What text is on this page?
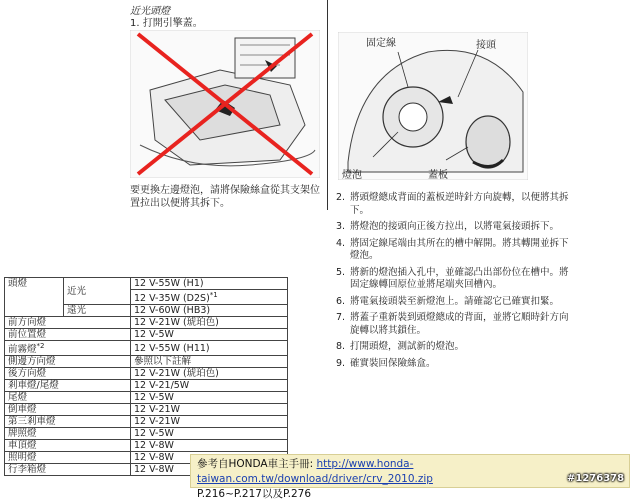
近光頭燈
1. 打開引擎蓋。
要更換左邊燈泡，請將保險絲盒從其支架位置拉出以便將其拆下。
固定線	接頭
燈泡	蓋板
2. 將頭燈總成背面的蓋板逆時針方向旋轉，以便將其拆下。
3. 將燈泡的接頭向正後方拉出，以將電氣接頭拆下。
4. 將固定線尾端由其所在的槽中解開。將其轉開並拆下燈泡。
5. 將新的燈泡插入孔中，並確認凸出部份位在槽中。將固定線轉回原位並將尾端夾回槽內。
6. 將電氣接頭裝至新燈泡上。請確認它已確實扣緊。
7. 將蓋子重新裝到頭燈總成的背面，並將它順時針方向旋轉以將其鎖住。
8. 打開頭燈，測試新的燈泡。
9. 確實裝回保險絲盒。
頭燈	近光	12 V-55W (H1)
		12 V-35W $(D2S)^{*1}$
	遠光	12 V-60W (HB3)
前方向燈		12 V-21W (琥珀色)
前位置燈		12 V-5W
前霧燈$^{*2}$		12 V-55W (H11)
側邊方向燈		參照以下註解
後方向燈		12 V-21W (琥珀色)
剎車燈/尾燈		12 V-21/5W
尾燈		12 V-5W
倒車燈		12 V-21W
第三剎車燈		12 V-21W
牌照燈		12 V-5W
車頂燈		12 V-8W
照明燈		12 V-8W
行李箱燈		12 V-8W	參考自HONDA車主手冊: http://www.honda-taiwan.com.tw/download/driver/crv_2010.zip
P.216~P.217以及P.276
#1276378
